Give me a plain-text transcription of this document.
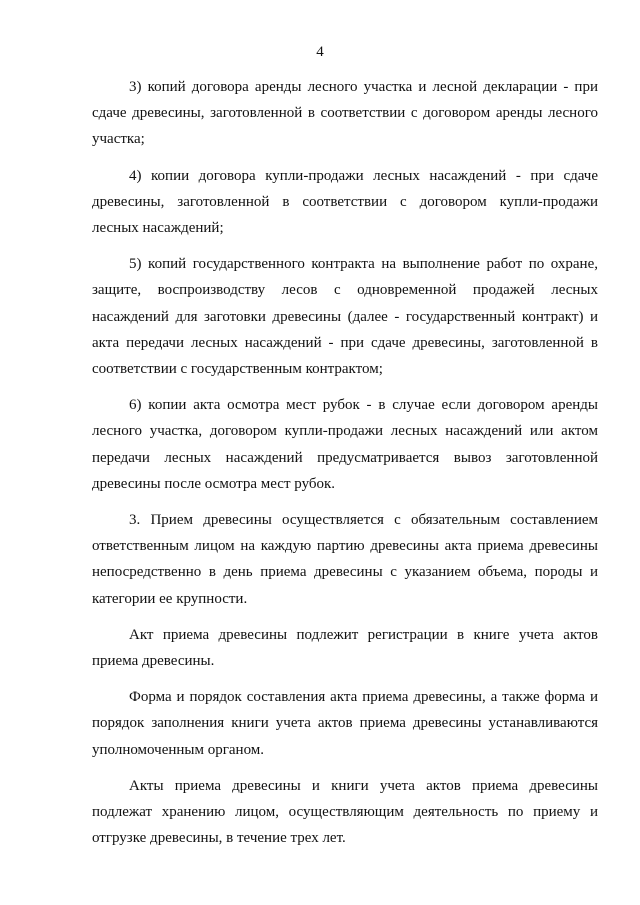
4

3) копий договора аренды лесного участка и лесной декларации - при
сдаче древесины, заготовленной в соответствии с договором аренды лесного
участка;

4) копии договора купли-продажи лесных насаждений - при сдаче
древесины, заготовленной в соответствии с договором купли-продажи
лесных насаждений;

5) копий государственного контракта на выполнение работ по охране,
защите, воспроизводству лесов с одновременной продажей лесных
насаждений для заготовки древесины (далее - государственный контракт) и
акта передачи лесных насаждений - при сдаче древесины, заготовленной в
соответствии с государственным контрактом;

6) копии акта осмотра мест рубок - в случае если договором аренды
лесного участка, договором купли-продажи лесных насаждений или актом
передачи лесных насаждений предусматривается вывоз заготовленной
древесины после осмотра мест рубок.

3. Прием древесины осуществляется с обязательным составлением
ответственным лицом на каждую партию древесины акта приема древесины
непосредственно в день приема древесины с указанием объема, породы и
категории ее крупности.

Акт приема древесины подлежит регистрации в книге учета актов
приема древесины.

Форма и порядок составления акта приема древесины, а также форма и
порядок заполнения книги учета актов приема древесины устанавливаются
уполномоченным органом.

Акты приема древесины и книги учета актов приема древесины
подлежат хранению лицом, осуществляющим деятельность по приему и
отгрузке древесины, в течение трех лет.
